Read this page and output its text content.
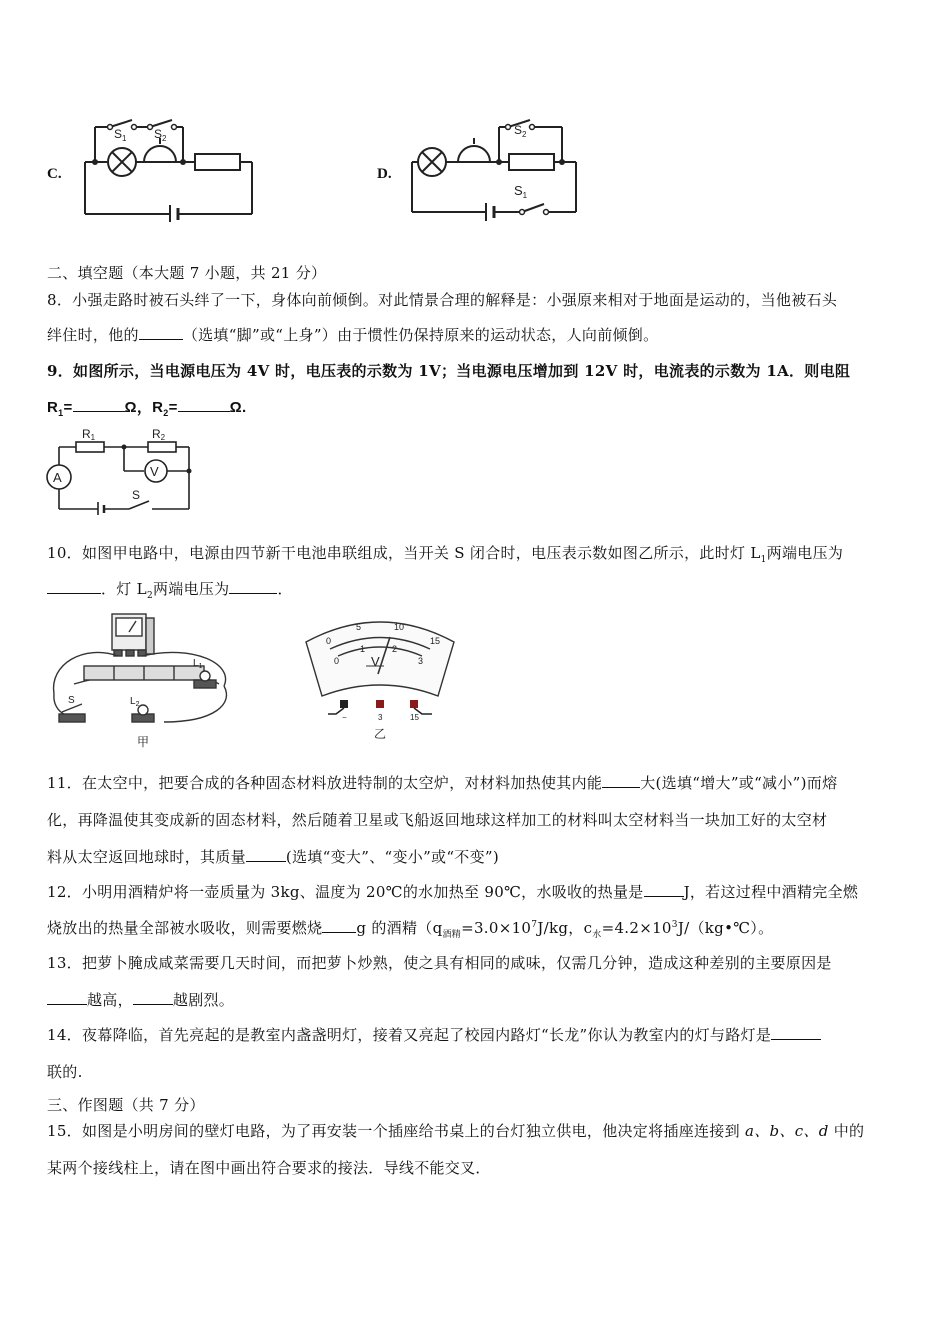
C.
$S_1$ $S_2$
D.
$S_2$
$S_1$
二、填空题（本大题 7 小题，共 21 分）
8．小强走路时被石头绊了一下，身体向前倾倒。对此情景合理的解释是：小强原来相对于地面是运动的，当他被石头
绊住时，他的	（选填“脚”或“上身”）由于惯性仍保持原来的运动状态，人向前倾倒。
9．如图所示，当电源电压为 4V 时，电压表的示数为 1V；当电源电压增加到 12V 时，电流表的示数为 1A．则电阻
$R_1=$	Ω，$R_2=$	Ω.
A	V
R1	R2
S
10．如图甲电路中，电源由四节新干电池串联组成，当开关 S 闭合时，电压表示数如图乙所示，此时灯 $L_1$两端电压为
．灯 $L_2$两端电压为	．
$L_1$
$L_2$
S
甲
0
5	10
15
0
1	2
3
V
−	3	15
乙
11．在太空中，把要合成的各种固态材料放进特制的太空炉，对材料加热使其内能	大(选填“增大”或“减小”)而熔
化，再降温使其变成新的固态材料，然后随着卫星或飞船返回地球这样加工的材料叫太空材料当一块加工好的太空材
料从太空返回地球时，其质量	(选填“变大”、“变小”或“不变”)
12．小明用酒精炉将一壶质量为 3kg、温度为 20℃的水加热至 90℃，水吸收的热量是	J，若这过程中酒精完全燃
烧放出的热量全部被水吸收，则需要燃烧 g 的酒精（$q_{酒精}=3.0\times 10^7J/kg$，$c_水=4.2\times 10^3J/(kg•℃)$。
13．把萝卜腌成咸菜需要几天时间，而把萝卜炒熟，使之具有相同的咸味，仅需几分钟，造成这种差别的主要原因是
越高，	越剧烈。
14．夜幕降临，首先亮起的是教室内盏盏明灯，接着又亮起了校园内路灯“长龙”你认为教室内的灯与路灯是
联的.
三、作图题（共 7 分）
15．如图是小明房间的壁灯电路，为了再安装一个插座给书桌上的台灯独立供电，他决定将插座连接到 a、b、c、d 中的
某两个接线柱上，请在图中画出符合要求的接法．导线不能交叉．
